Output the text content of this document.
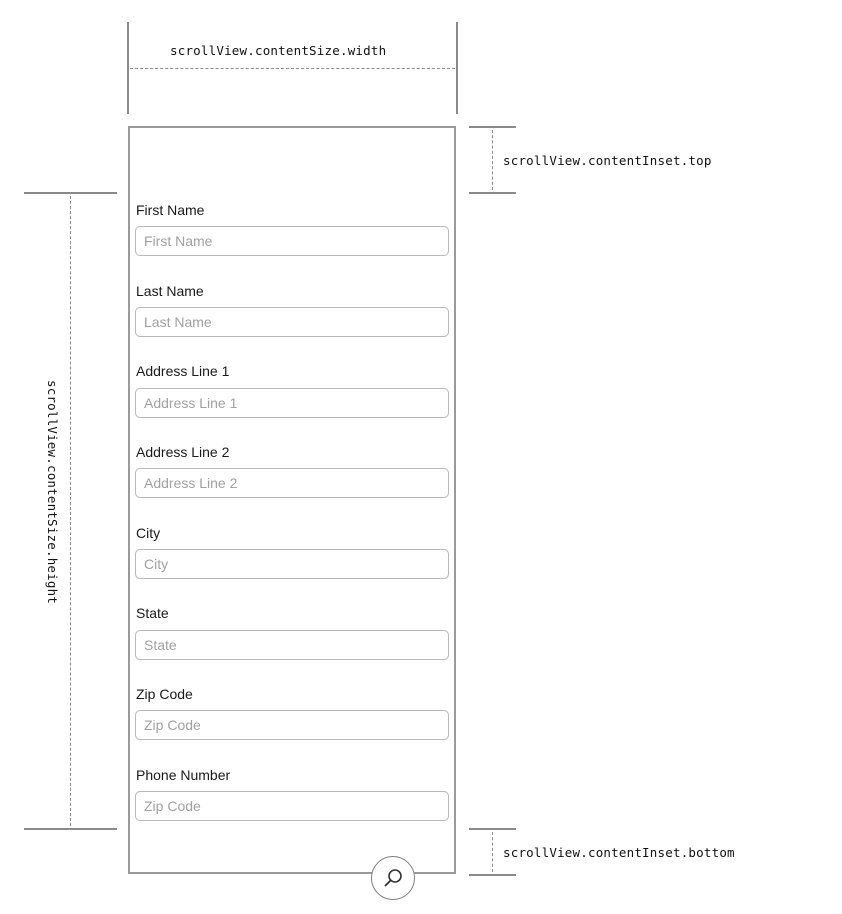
scrollView.contentSize.width
scrollView.contentInset.top
scrollView.contentSize.height
scrollView.contentInset.bottom
First Name
First Name
Last Name
Last Name
Address Line 1
Address Line 1
Address Line 2
Address Line 2
City
City
State
State
Zip Code
Zip Code
Phone Number
Zip Code
